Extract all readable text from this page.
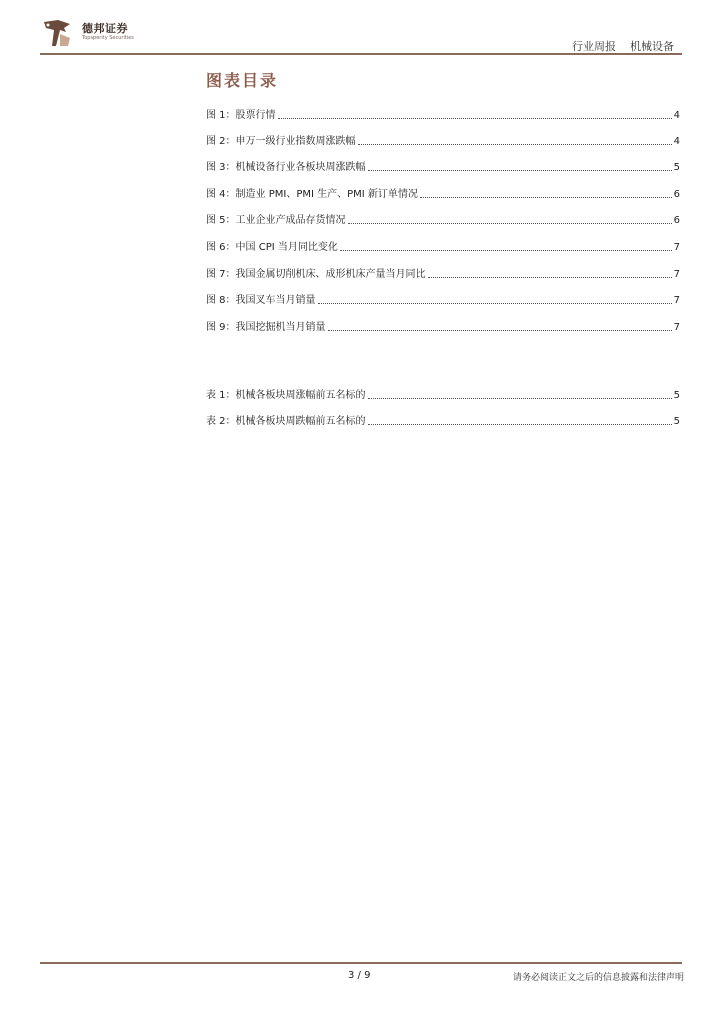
德邦证券
Topsperity Securities
行业周报 机械设备
图表目录
图 1：股票行情	4
图 2：申万一级行业指数周涨跌幅	4
图 3：机械设备行业各板块周涨跌幅	5
图 4：制造业 PMI、PMI 生产、PMI 新订单情况	6
图 5：工业企业产成品存货情况	6
图 6：中国 CPI 当月同比变化	7
图 7：我国金属切削机床、成形机床产量当月同比	7
图 8：我国叉车当月销量	7
图 9：我国挖掘机当月销量	7
表 1：机械各板块周涨幅前五名标的	5
表 2：机械各板块周跌幅前五名标的	5
3 / 9	请务必阅读正文之后的信息披露和法律声明
